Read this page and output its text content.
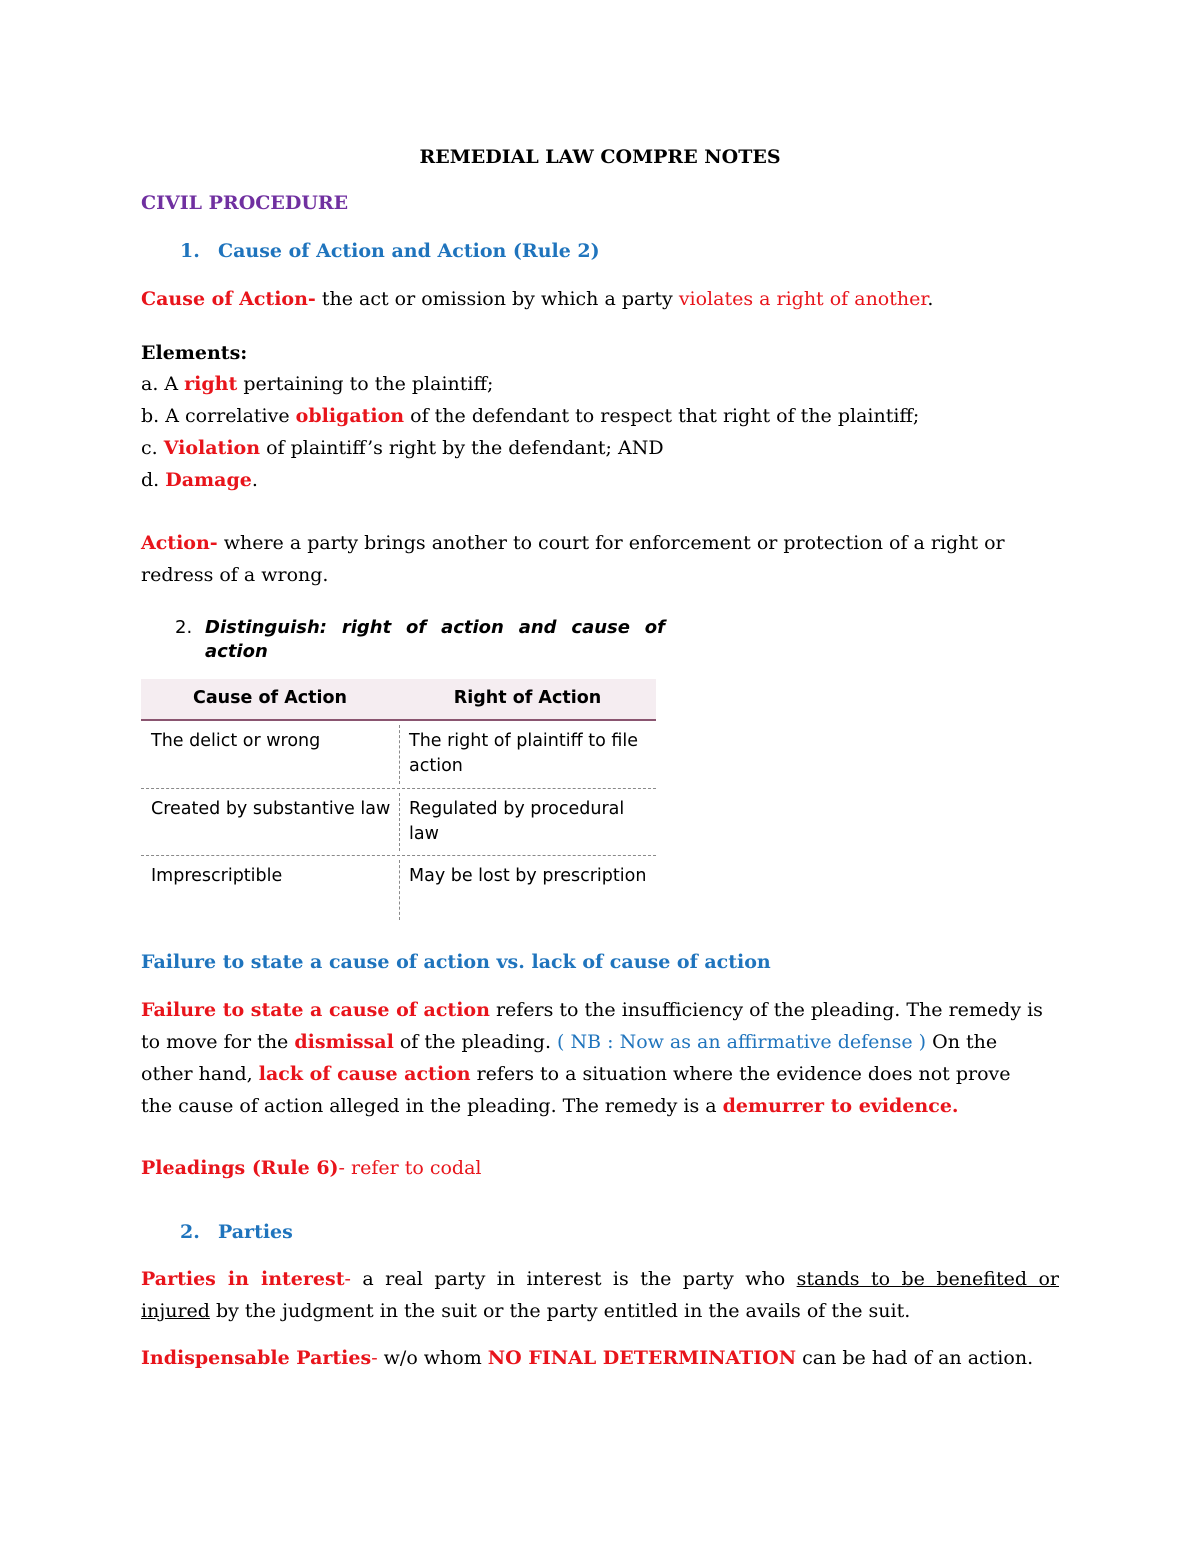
REMEDIAL LAW COMPRE NOTES
CIVIL PROCEDURE
1. Cause of Action and Action (Rule 2)
Cause of Action- the act or omission by which a party violates a right of another.
Elements:
a. A right pertaining to the plaintiff;
b. A correlative obligation of the defendant to respect that right of the plaintiff;
c. Violation of plaintiff’s right by the defendant; AND
d. Damage.
Action- where a party brings another to court for enforcement or protection of a right or
redress of a wrong.
2. Distinguish: right of action and cause of action
Cause of Action	Right of Action
The delict or wrong	The right of plaintiff to file action
Created by substantive law	Regulated by procedural law
Imprescriptible	May be lost by prescription
Failure to state a cause of action vs. lack of cause of action
Failure to state a cause of action refers to the insufficiency of the pleading. The remedy is
to move for the dismissal of the pleading. ( NB : Now as an affirmative defense ) On the
other hand, lack of cause action refers to a situation where the evidence does not prove
the cause of action alleged in the pleading. The remedy is a demurrer to evidence.
Pleadings (Rule 6)- refer to codal
2. Parties
Parties in interest- a real party in interest is the party who stands to be benefited or
injured by the judgment in the suit or the party entitled in the avails of the suit.
Indispensable Parties- w/o whom NO FINAL DETERMINATION can be had of an action.
